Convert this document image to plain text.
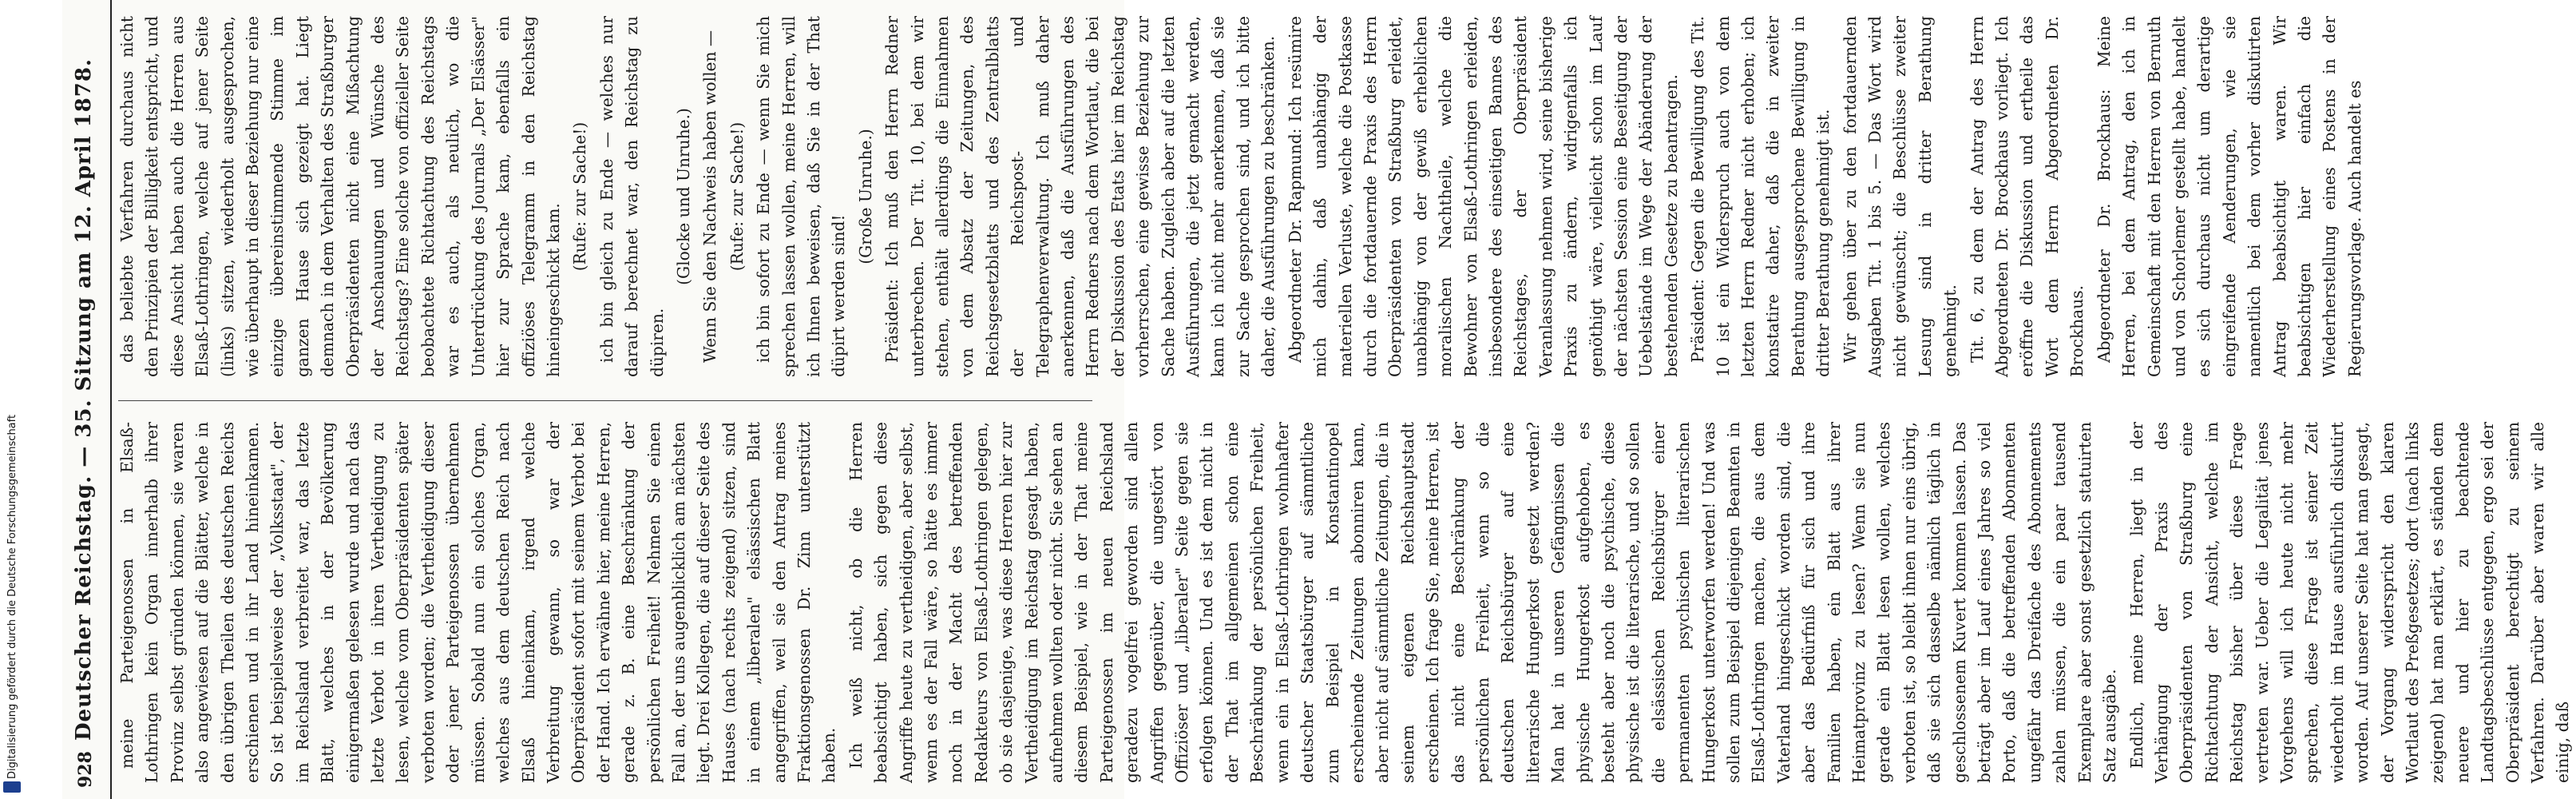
Digitalisierung gefördert durch die Deutsche Forschungsgemeinschaft	928
Deutscher Reichstag. — 35. Sitzung am 12. April 1878. meine Parteigenossen in Elsaß-Lothringen kein Organ innerhalb ihrer Provinz selbst gründen können, sie waren also angewiesen auf die Blätter, welche in den übrigen Theilen des deutschen Reichs erschienen und in ihr Land hineinkamen. So ist beispielsweise der „Volksstaat", der im Reichsland verbreitet war, das letzte Blatt, welches in der Bevölkerung einigermaßen gelesen wurde und nach das letzte Verbot in ihren Vertheidigung zu lesen, welche vom Oberpräsidenten später verboten worden; die Vertheidigung dieser oder jener Parteigenossen übernehmen müssen. Sobald nun ein solches Organ, welches aus dem deutschen Reich nach Elsaß hineinkam, irgend welche Verbreitung gewann, so war der Oberpräsident sofort mit seinem Verbot bei der Hand. Ich erwähne hier, meine Herren, gerade z. B. eine Beschränkung der persönlichen Freiheit! Nehmen Sie einen Fall an, der uns augenblicklich am nächsten liegt. Drei Kollegen, die auf dieser Seite des Hauses (nach rechts zeigend) sitzen, sind in einem „liberalen" elsässischen Blatt angegriffen, weil sie den Antrag meines Fraktionsgenossen Dr. Zinn unterstützt haben. Ich weiß nicht, ob die Herren beabsichtigt haben, sich gegen diese Angriffe heute zu vertheidigen, aber selbst, wenn es der Fall wäre, so hätte es immer noch in der Macht des betreffenden Redakteurs von Elsaß-Lothringen gelegen, ob sie dasjenige, was diese Herren hier zur Vertheidigung im Reichstag gesagt haben, aufnehmen wollten oder nicht. Sie sehen an diesem Beispiel, wie in der That meine Parteigenossen im neuen Reichsland geradezu vogelfrei geworden sind allen Angriffen gegenüber, die ungestört von Offiziöser und „liberaler" Seite gegen sie erfolgen können. Und es ist dem nicht in der That im allgemeinen schon eine Beschränkung der persönlichen Freiheit, wenn ein in Elsaß-Lothringen wohnhafter deutscher Staatsbürger auf sämmtliche zum Beispiel in Konstantinopel erscheinende Zeitungen abonniren kann, aber nicht auf sämmtliche Zeitungen, die in seinem eigenen Reichshauptstadt erscheinen. Ich frage Sie, meine Herren, ist das nicht eine Beschränkung der persönlichen Freiheit, wenn so die deutschen Reichsbürger auf eine literarische Hungerkost gesetzt werden? Man hat in unseren Gefängnissen die physische Hungerkost aufgehoben, es besteht aber noch die psychische, diese physische ist die literarische, und so sollen die elsässischen Reichsbürger einer permanenten psychischen literarischen Hungerkost unterworfen werden! Und was sollen zum Beispiel diejenigen Beamten in Elsaß-Lothringen machen, die aus dem Vaterland hingeschickt worden sind, die aber das Bedürfniß für sich und ihre Familien haben, ein Blatt aus ihrer Heimatprovinz zu lesen? Wenn sie nun gerade ein Blatt lesen wollen, welches verboten ist, so bleibt ihnen nur eins übrig, daß sie sich dasselbe nämlich täglich in geschlossenem Kuvert kommen lassen. Das beträgt aber im Lauf eines Jahres so viel Porto, daß die betreffenden Abonnenten ungefähr das Dreifache des Abonnements zahlen müssen, die ein paar tausend Exemplare aber sonst gesetzlich statuirten Satz ausgäbe. Endlich, meine Herren, liegt in der Verhängung der Praxis des Oberpräsidenten von Straßburg eine Richtachtung der Ansicht, welche im Reichstag bisher über diese Frage vertreten war. Ueber die Legalität jenes Vorgehens will ich heute nicht mehr sprechen, diese Frage ist seiner Zeit wiederholt im Hause ausführlich diskutirt worden. Auf unserer Seite hat man gesagt, der Vorgang widerspricht den klaren Wortlaut des Preßgesetzes; dort (nach links zeigend) hat man erklärt, es ständen dem neuere und hier zu beachtende Landtagsbeschlüsse entgegen, ergo sei der Oberpräsident berechtigt zu seinem Verfahren. Darüber aber waren wir alle einig, daß

das beliebte Verfahren durchaus nicht den Prinzipien der Billigkeit entspricht, und diese Ansicht haben auch die Herren aus Elsaß-Lothringen, welche auf jener Seite (links) sitzen, wiederholt ausgesprochen, wie überhaupt in dieser Beziehung nur eine einzige übereinstimmende Stimme im ganzen Hause sich gezeigt hat. Liegt demnach in dem Verhalten des Straßburger Oberpräsidenten nicht eine Mißachtung der Anschauungen und Wünsche des Reichstags? Eine solche von offizieller Seite beobachtete Richtachtung des Reichstags war es auch, als neulich, wo die Unterdrückung des Journals „Der Elsässer" hier zur Sprache kam, ebenfalls ein offiziöses Telegramm in den Reichstag hineingeschickt kam.

(Rufe: zur Sache!) ich bin gleich zu Ende — welches nur darauf berechnet war, den Reichstag zu düpiren.

(Glocke und Unruhe.) Wenn Sie den Nachweis haben wollen — (Rufe: zur Sache!) ich bin sofort zu Ende — wenn Sie mich sprechen lassen wollen, meine Herren, will ich Ihnen beweisen, daß Sie in der That düpirt werden sind!

(Große Unruhe.) Präsident: Ich muß den Herrn Redner unterbrechen. Der Tit. 10, bei dem wir stehen, enthält allerdings die Einnahmen von dem Absatz der Zeitungen, des Reichsgesetzblatts und des Zentralblatts der Reichspost- und Telegraphenverwaltung. Ich muß daher anerkennen, daß die Ausführungen des Herrn Redners nach dem Wortlaut, die bei der Diskussion des Etats hier im Reichstag vorherrschen, eine gewisse Beziehung zur Sache haben. Zugleich aber auf die letzten Ausführungen, die jetzt gemacht werden, kann ich nicht mehr anerkennen, daß sie zur Sache gesprochen sind, und ich bitte daher, die Ausführungen zu beschränken. Abgeordneter Dr. Rapmund: Ich resümire mich dahin, daß unabhängig der materiellen Verluste, welche die Postkasse durch die fortdauernde Praxis des Herrn Oberpräsidenten von Straßburg erleidet, unabhängig von der gewiß erheblichen moralischen Nachtheile, welche die Bewohner von Elsaß-Lothringen erleiden, insbesondere des einseitigen Bannes des Reichstages, der Oberpräsident Veranlassung nehmen wird, seine bisherige Praxis zu ändern, widrigenfalls ich genöthigt wäre, vielleicht schon im Lauf der nächsten Session eine Beseitigung der Uebelstände im Wege der Abänderung der bestehenden Gesetze zu beantragen. Präsident: Gegen die Bewilligung des Tit. 10 ist ein Widerspruch auch von dem letzten Herrn Redner nicht erhoben; ich konstatire daher, daß die in zweiter Berathung ausgesprochene Bewilligung in dritter Berathung genehmigt ist. Wir gehen über zu den fortdauernden Ausgaben Tit. 1 bis 5. — Das Wort wird nicht gewünscht; die Beschlüsse zweiter Lesung sind in dritter Berathung genehmigt. Tit. 6, zu dem der Antrag des Herrn Abgeordneten Dr. Brockhaus vorliegt. Ich eröffne die Diskussion und ertheile das Wort dem Herrn Abgeordneten Dr. Brockhaus. Abgeordneter Dr. Brockhaus: Meine Herren, bei dem Antrag, den ich in Gemeinschaft mit den Herren von Bernuth und von Schorlemer gestellt habe, handelt es sich durchaus nicht um derartige eingreifende Aenderungen, wie sie namentlich bei dem vorher diskutirten Antrag beabsichtigt waren. Wir beabsichtigen hier einfach die Wiederherstellung eines Postens in der Regierungsvorlage. Auch handelt es
